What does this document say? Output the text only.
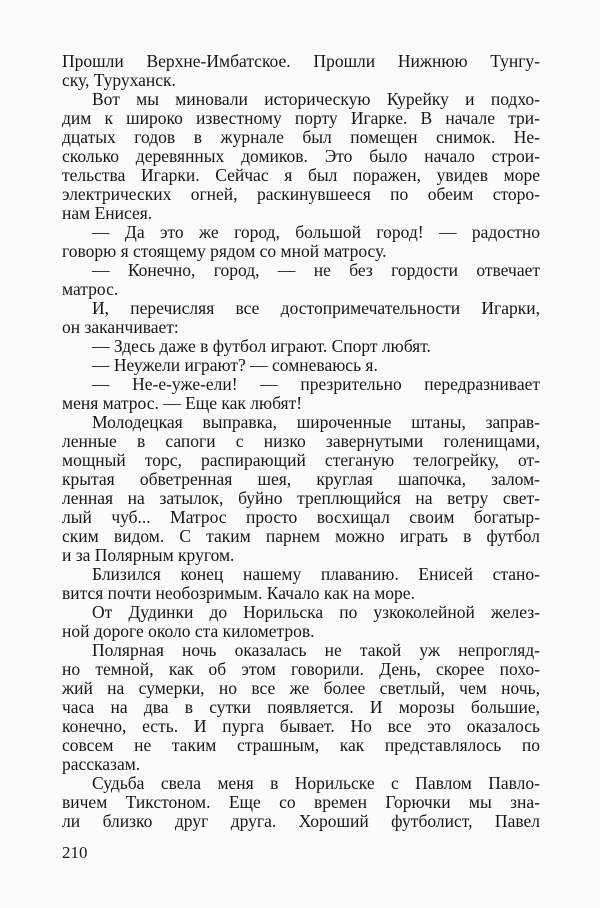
Прошли Верхне-Имбатское. Прошли Нижнюю Тунгу-
ску, Туруханск.
Вот мы миновали историческую Курейку и подхо-
дим к широко известному порту Игарке. В начале три-
дцатых годов в журнале был помещен снимок. Не-
сколько деревянных домиков. Это было начало строи-
тельства Игарки. Сейчас я был поражен, увидев море
электрических огней, раскинувшееся по обеим сторо-
нам Енисея.
— Да это же город, большой город! — радостно
говорю я стоящему рядом со мной матросу.
— Конечно, город, — не без гордости отвечает
матрос.
И, перечисляя все достопримечательности Игарки,
он заканчивает:
— Здесь даже в футбол играют. Спорт любят.
— Неужели играют? — сомневаюсь я.
— Не-е-уже-ели! — презрительно передразнивает
меня матрос. — Еще как любят!
Молодецкая выправка, широченные штаны, заправ-
ленные в сапоги с низко завернутыми голенищами,
мощный торс, распирающий стеганую телогрейку, от-
крытая обветренная шея, круглая шапочка, залом-
ленная на затылок, буйно треплющийся на ветру свет-
лый чуб... Матрос просто восхищал своим богатыр-
ским видом. С таким парнем можно играть в футбол
и за Полярным кругом.
Близился конец нашему плаванию. Енисей стано-
вится почти необозримым. Качало как на море.
От Дудинки до Норильска по узкоколейной желез-
ной дороге около ста километров.
Полярная ночь оказалась не такой уж непрогляд-
но темной, как об этом говорили. День, скорее похо-
жий на сумерки, но все же более светлый, чем ночь,
часа на два в сутки появляется. И морозы большие,
конечно, есть. И пурга бывает. Но все это оказалось
совсем не таким страшным, как представлялось по
рассказам.
Судьба свела меня в Норильске с Павлом Павло-
вичем Тикстоном. Еще со времен Горючки мы зна-
ли близко друг друга. Хороший футболист, Павел
210
